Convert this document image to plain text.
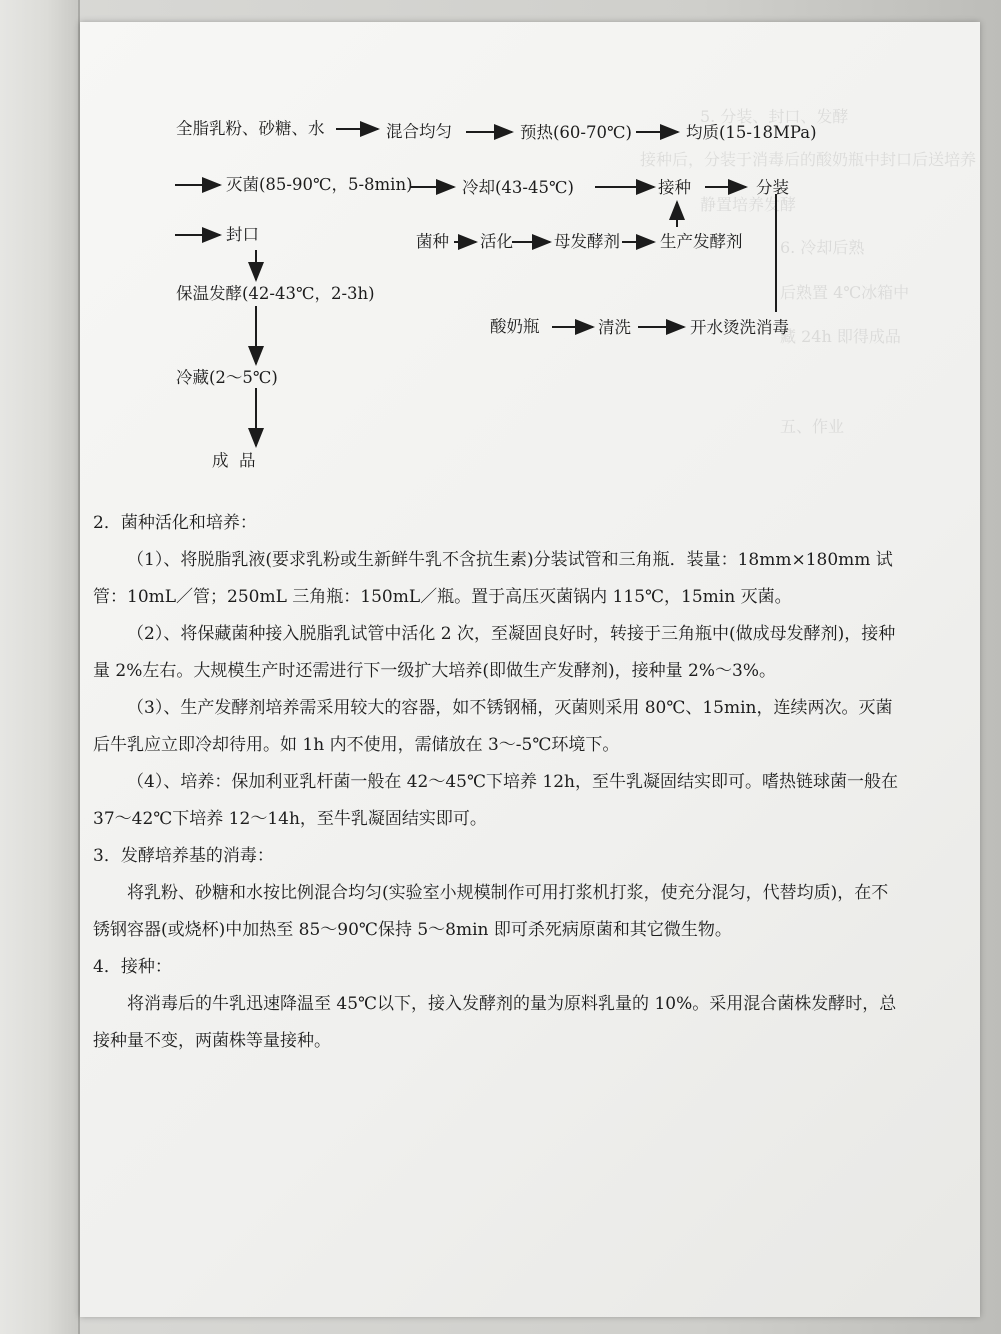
5. 分装、封口、发酵
接种后，分装于消毒后的酸奶瓶中封口后送培养
静置培养发酵
6. 冷却后熟
后熟置 4℃冰箱中
藏 24h 即得成品
五、作业
全脂乳粉、砂糖、水	混合均匀	预热(60-70℃)	均质(15-18MPa)
灭菌(85-90℃，5-8min)	冷却(43-45℃)	接种	分装
封口	菌种 活化 母发酵剂 生产发酵剂
保温发酵(42-43℃，2-3h)
酸奶瓶	清洗	开水烫洗消毒
冷藏(2～5℃)
成  品

2．菌种活化和培养：

（1）、将脱脂乳液(要求乳粉或生新鲜牛乳不含抗生素)分装试管和三角瓶．装量：18mm×180mm 试管：10mL／管；250mL 三角瓶：150mL／瓶。置于高压灭菌锅内 115℃，15min 灭菌。

（2）、将保藏菌种接入脱脂乳试管中活化 2 次，至凝固良好时，转接于三角瓶中(做成母发酵剂)，接种量 2%左右。大规模生产时还需进行下一级扩大培养(即做生产发酵剂)，接种量 2%～3%。

（3）、生产发酵剂培养需采用较大的容器，如不锈钢桶，灭菌则采用 80℃、15min，连续两次。灭菌后牛乳应立即冷却待用。如 1h 内不使用，需储放在 3～-5℃环境下。

（4）、培养：保加利亚乳杆菌一般在 42～45℃下培养 12h，至牛乳凝固结实即可。嗜热链球菌一般在 37～42℃下培养 12～14h，至牛乳凝固结实即可。

3．发酵培养基的消毒：

将乳粉、砂糖和水按比例混合均匀(实验室小规模制作可用打浆机打浆，使充分混匀，代替均质)，在不锈钢容器(或烧杯)中加热至 85～90℃保持 5～8min 即可杀死病原菌和其它微生物。

4．接种：

将消毒后的牛乳迅速降温至 45℃以下，接入发酵剂的量为原料乳量的 10%。采用混合菌株发酵时，总接种量不变，两菌株等量接种。
